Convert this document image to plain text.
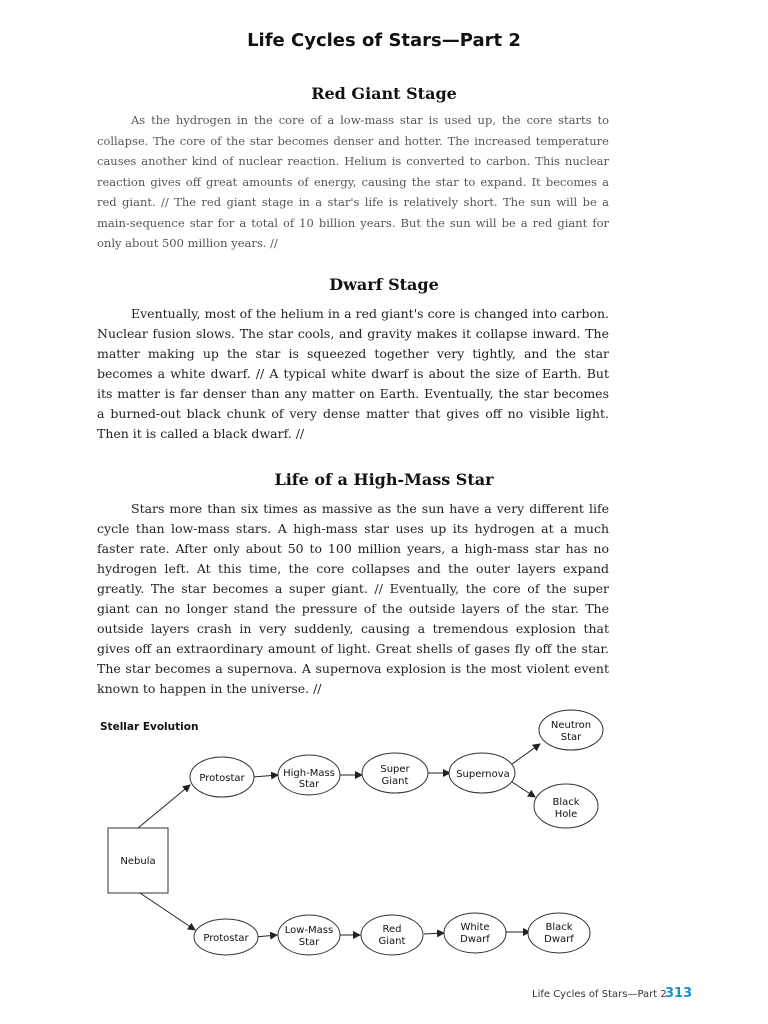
Life Cycles of Stars—Part 2
Red Giant Stage

As the hydrogen in the core of a low-mass star is used up, the core starts to collapse. The core of the star becomes denser and hotter. The increased temperature causes another kind of nuclear reaction. Helium is converted to carbon. This nuclear reaction gives off great amounts of energy, causing the star to expand. It becomes a red giant. // The red giant stage in a star's life is relatively short. The sun will be a main-sequence star for a total of 10 billion years. But the sun will be a red giant for only about 500 million years. //

Dwarf Stage

Eventually, most of the helium in a red giant's core is changed into carbon. Nuclear fusion slows. The star cools, and gravity makes it collapse inward. The matter making up the star is squeezed together very tightly, and the star becomes a white dwarf. // A typical white dwarf is about the size of Earth. But its matter is far denser than any matter on Earth. Eventually, the star becomes a burned-out black chunk of very dense matter that gives off no visible light. Then it is called a black dwarf. //

Life of a High-Mass Star

Stars more than six times as massive as the sun have a very different life cycle than low-mass stars. A high-mass star uses up its hydrogen at a much faster rate. After only about 50 to 100 million years, a high-mass star has no hydrogen left. At this time, the core collapses and the outer layers expand greatly. The star becomes a super giant. // Eventually, the core of the super giant can no longer stand the pressure of the outside layers of the star. The outside layers crash in very suddenly, causing a tremendous explosion that gives off an extraordinary amount of light. Great shells of gases fly off the star. The star becomes a supernova. A supernova explosion is the most violent event known to happen in the universe. //

Stellar Evolution
Nebula
Protostar	High-Mass
Star
Super
Giant
Supernova
Neutron
Star
Black
Hole
Protostar
Low-Mass
Star
Red
Giant
White
Dwarf
Black
Dwarf
Life Cycles of Stars—Part 2
313
